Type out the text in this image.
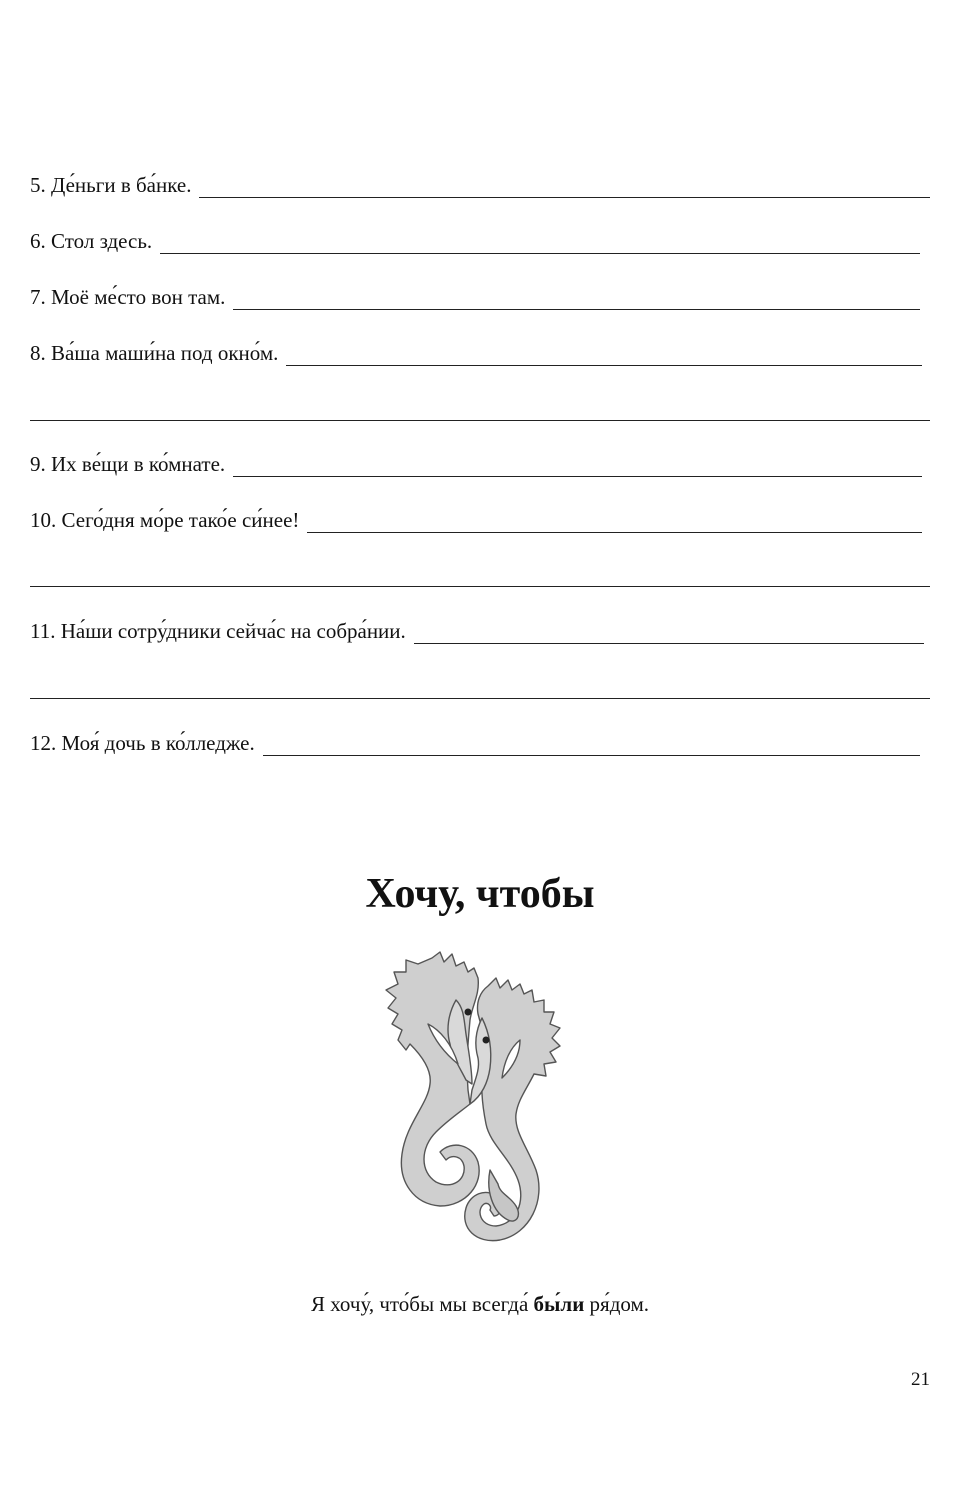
5. Де́ньги в ба́нке.
6. Стол здесь.
7. Моё ме́сто вон там.
8. Ва́ша маши́на под окно́м.
9. Их ве́щи в ко́мнате.
10. Сего́дня мо́ре тако́е си́нее!
11. На́ши сотру́дники сейча́с на собра́нии.
12. Моя́ дочь в ко́лледже.
Хочу, чтобы
Я хочу́, что́бы мы всегда́ бы́ли ря́дом.
21
